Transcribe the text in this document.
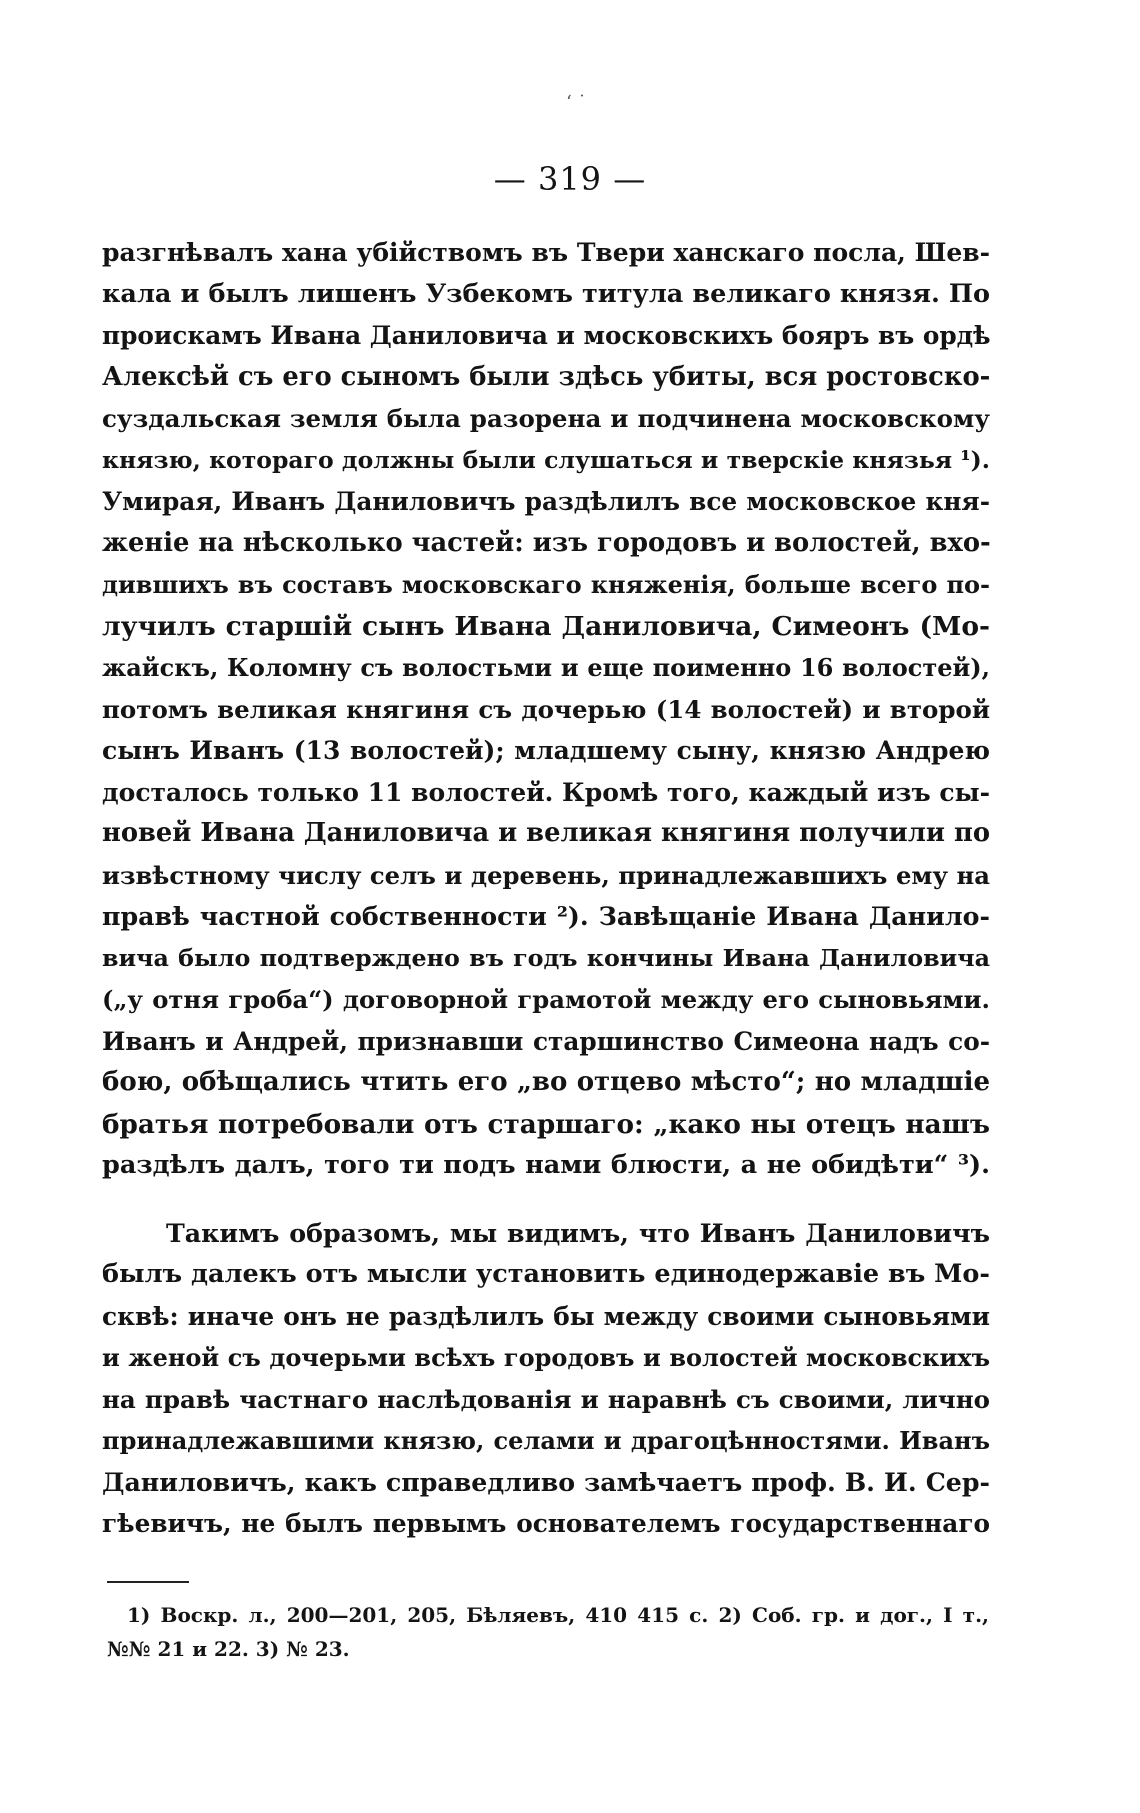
ʻ ˙
— 319 —
разгнѣвалъ хана убійствомъ въ Твери ханскаго посла, Шев-
кала и былъ лишенъ Узбекомъ титула великаго князя. По
проискамъ Ивана Даниловича и московскихъ бояръ въ ордѣ
Алексѣй съ его сыномъ были здѣсь убиты, вся ростовско-
суздальская земля была разорена и подчинена московскому
князю, котораго должны были слушаться и тверскіе князья ¹).
Умирая, Иванъ Даниловичъ раздѣлилъ все московское кня-
женіе на нѣсколько частей: изъ городовъ и волостей, вхо-
дившихъ въ составъ московскаго княженія, больше всего по-
лучилъ старшій сынъ Ивана Даниловича, Симеонъ (Мо-
жайскъ, Коломну съ волостьми и еще поименно 16 волостей),
потомъ великая княгиня съ дочерью (14 волостей) и второй
сынъ Иванъ (13 волостей); младшему сыну, князю Андрею
досталось только 11 волостей. Кромѣ того, каждый изъ сы-
новей Ивана Даниловича и великая княгиня получили по
извѣстному числу селъ и деревень, принадлежавшихъ ему на
правѣ частной собственности ²). Завѣщаніе Ивана Данило-
вича было подтверждено въ годъ кончины Ивана Даниловича
(„у отня гроба“) договорной грамотой между его сыновьями.
Иванъ и Андрей, признавши старшинство Симеона надъ со-
бою, обѣщались чтить его „во отцево мѣсто“; но младшіе
братья потребовали отъ старшаго: „како ны отецъ нашъ
раздѣлъ далъ, того ти подъ нами блюсти, а не обидѣти“ ³).
Такимъ образомъ, мы видимъ, что Иванъ Даниловичъ
былъ далекъ отъ мысли установить единодержавіе въ Мо-
сквѣ: иначе онъ не раздѣлилъ бы между своими сыновьями
и женой съ дочерьми всѣхъ городовъ и волостей московскихъ
на правѣ частнаго наслѣдованія и наравнѣ съ своими, лично
принадлежавшими князю, селами и драгоцѣнностями. Иванъ
Даниловичъ, какъ справедливо замѣчаетъ проф. В. И. Сер-
гѣевичъ, не былъ первымъ основателемъ государственнаго
1) Воскр. л., 200—201, 205, Бѣляевъ, 410 415 с. 2) Соб. гр. и дог., I т.,
№№ 21 и 22. 3) № 23.
